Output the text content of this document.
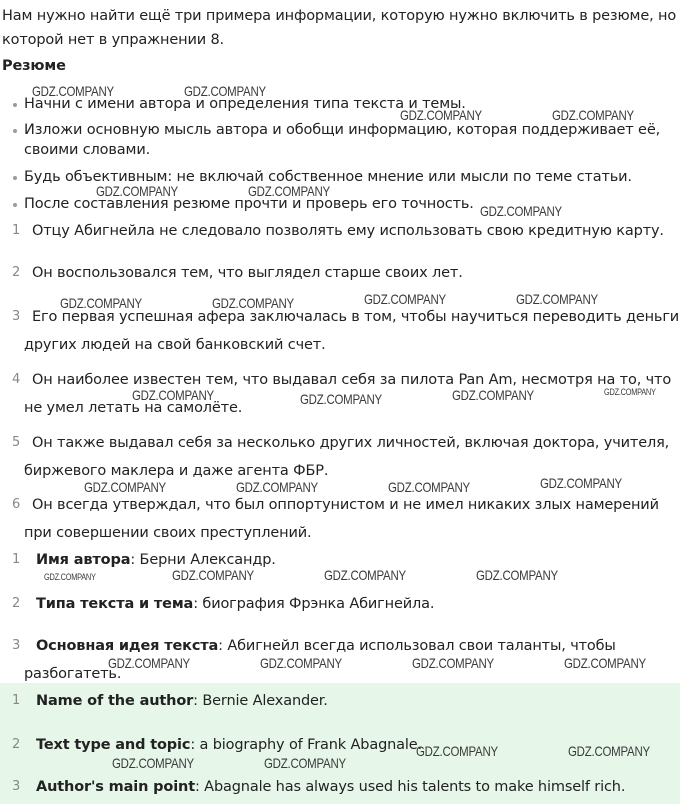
Нам нужно найти ещё три примера информации, которую нужно включить в резюме, но
которой нет в упражнении 8.
Резюме
Начни с имени автора и определения типа текста и темы.
Изложи основную мысль автора и обобщи информацию, которая поддерживает её,
своими словами.
Будь объективным: не включай собственное мнение или мысли по теме статьи.
После составления резюме прочти и проверь его точность.
1 Отцу Абигнейла не следовало позволять ему использовать свою кредитную карту.
2 Он воспользовался тем, что выглядел старше своих лет.
3 Его первая успешная афера заключалась в том, чтобы научиться переводить деньги
других людей на свой банковский счет.
4 Он наиболее известен тем, что выдавал себя за пилота Pan Am, несмотря на то, что
не умел летать на самолёте.
5 Он также выдавал себя за несколько других личностей, включая доктора, учителя,
биржевого маклера и даже агента ФБР.
6 Он всегда утверждал, что был оппортунистом и не имел никаких злых намерений
при совершении своих преступлений.
1 Имя автора: Берни Александр.
2 Типа текста и тема: биография Фрэнка Абигнейла.
3 Основная идея текста: Абигнейл всегда использовал свои таланты, чтобы
разбогатеть.
1 Name of the author: Bernie Alexander.
2 Text type and topic: a biography of Frank Abagnale.
3 Author's main point: Abagnale has always used his talents to make himself rich.
GDZ.COMPANY	GDZ.COMPANY
GDZ.COMPANY	GDZ.COMPANY
GDZ.COMPANY	GDZ.COMPANY
GDZ.COMPANY
GDZ.COMPANY	GDZ.COMPANY	GDZ.COMPANY	GDZ.COMPANY
GDZ.COMPANY	GDZ.COMPANY	GDZ.COMPANY	GDZ.COMPANY
GDZ.COMPANY	GDZ.COMPANY	GDZ.COMPANY	GDZ.COMPANY
GDZ.COMPANY	GDZ.COMPANY	GDZ.COMPANY	GDZ.COMPANY
GDZ.COMPANY	GDZ.COMPANY	GDZ.COMPANY	GDZ.COMPANY
GDZ.COMPANY	GDZ.COMPANY
GDZ.COMPANY	GDZ.COMPANY
